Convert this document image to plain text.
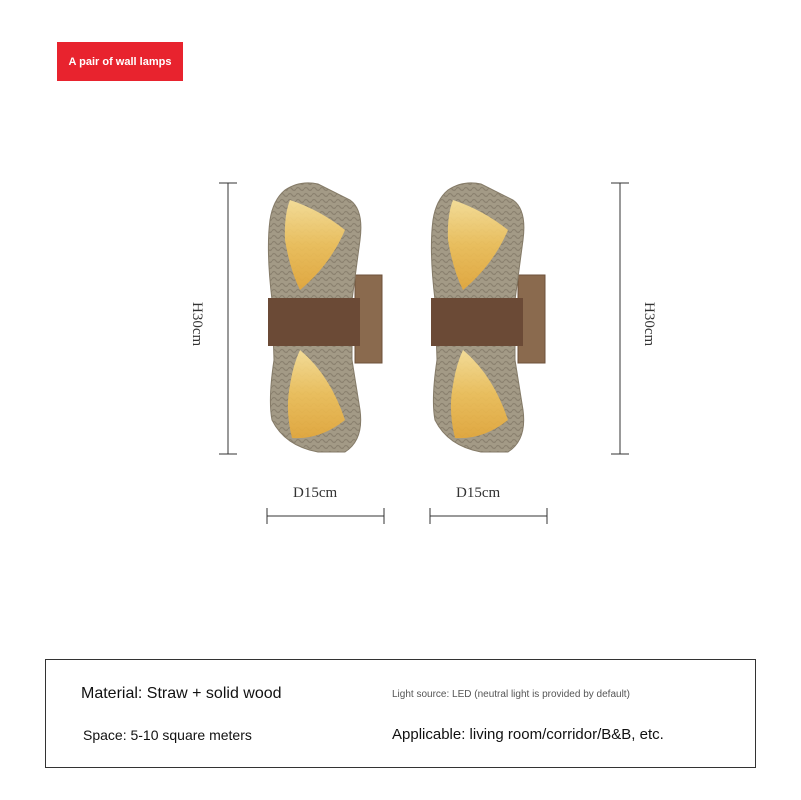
A pair of wall lamps
H30cm	H30cm
D15cm	D15cm
Material: Straw + solid wood	Light source: LED (neutral light is provided by default)
Space: 5-10 square meters	Applicable: living room/corridor/B&B, etc.
